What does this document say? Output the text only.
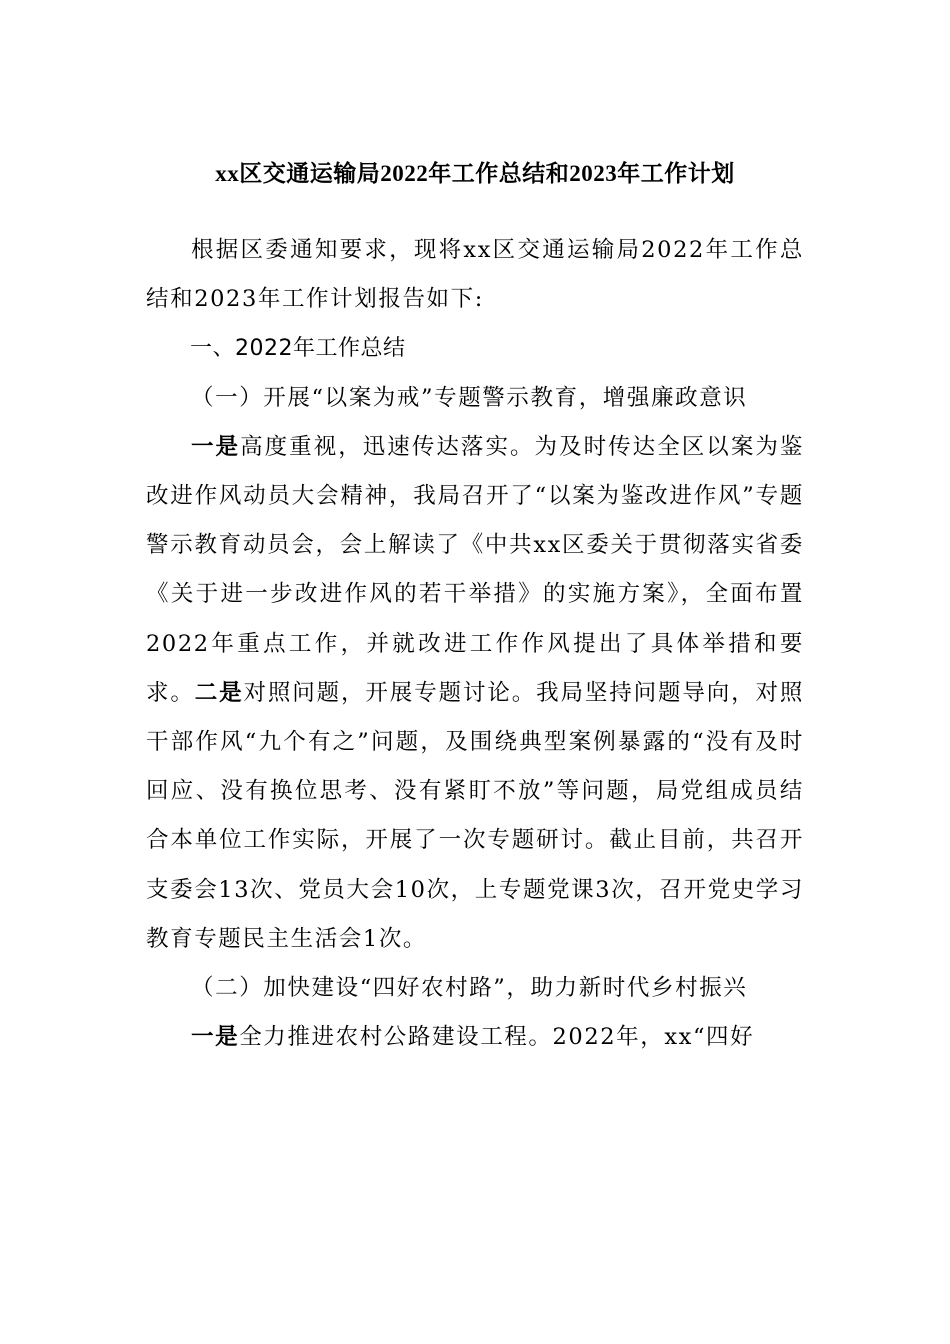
xx区交通运输局2022年工作总结和2023年工作计划

根据区委通知要求，现将xx区交通运输局2022年工作总结和2023年工作计划报告如下:

一、2022年工作总结

（一）开展“以案为戒”专题警示教育，增强廉政意识

一是高度重视，迅速传达落实。为及时传达全区以案为鉴改进作风动员大会精神，我局召开了“以案为鉴改进作风”专题警示教育动员会，会上解读了《中共xx区委关于贯彻落实省委《关于进一步改进作风的若干举措》的实施方案》，全面布置2022年重点工作，并就改进工作作风提出了具体举措和要求。二是对照问题，开展专题讨论。我局坚持问题导向，对照干部作风“九个有之”问题，及围绕典型案例暴露的“没有及时回应、没有换位思考、没有紧盯不放”等问题，局党组成员结合本单位工作实际，开展了一次专题研讨。截止目前，共召开支委会13次、党员大会10次，上专题党课3次，召开党史学习教育专题民主生活会1次。

（二）加快建设“四好农村路”，助力新时代乡村振兴

一是全力推进农村公路建设工程。2022年，xx“四好
